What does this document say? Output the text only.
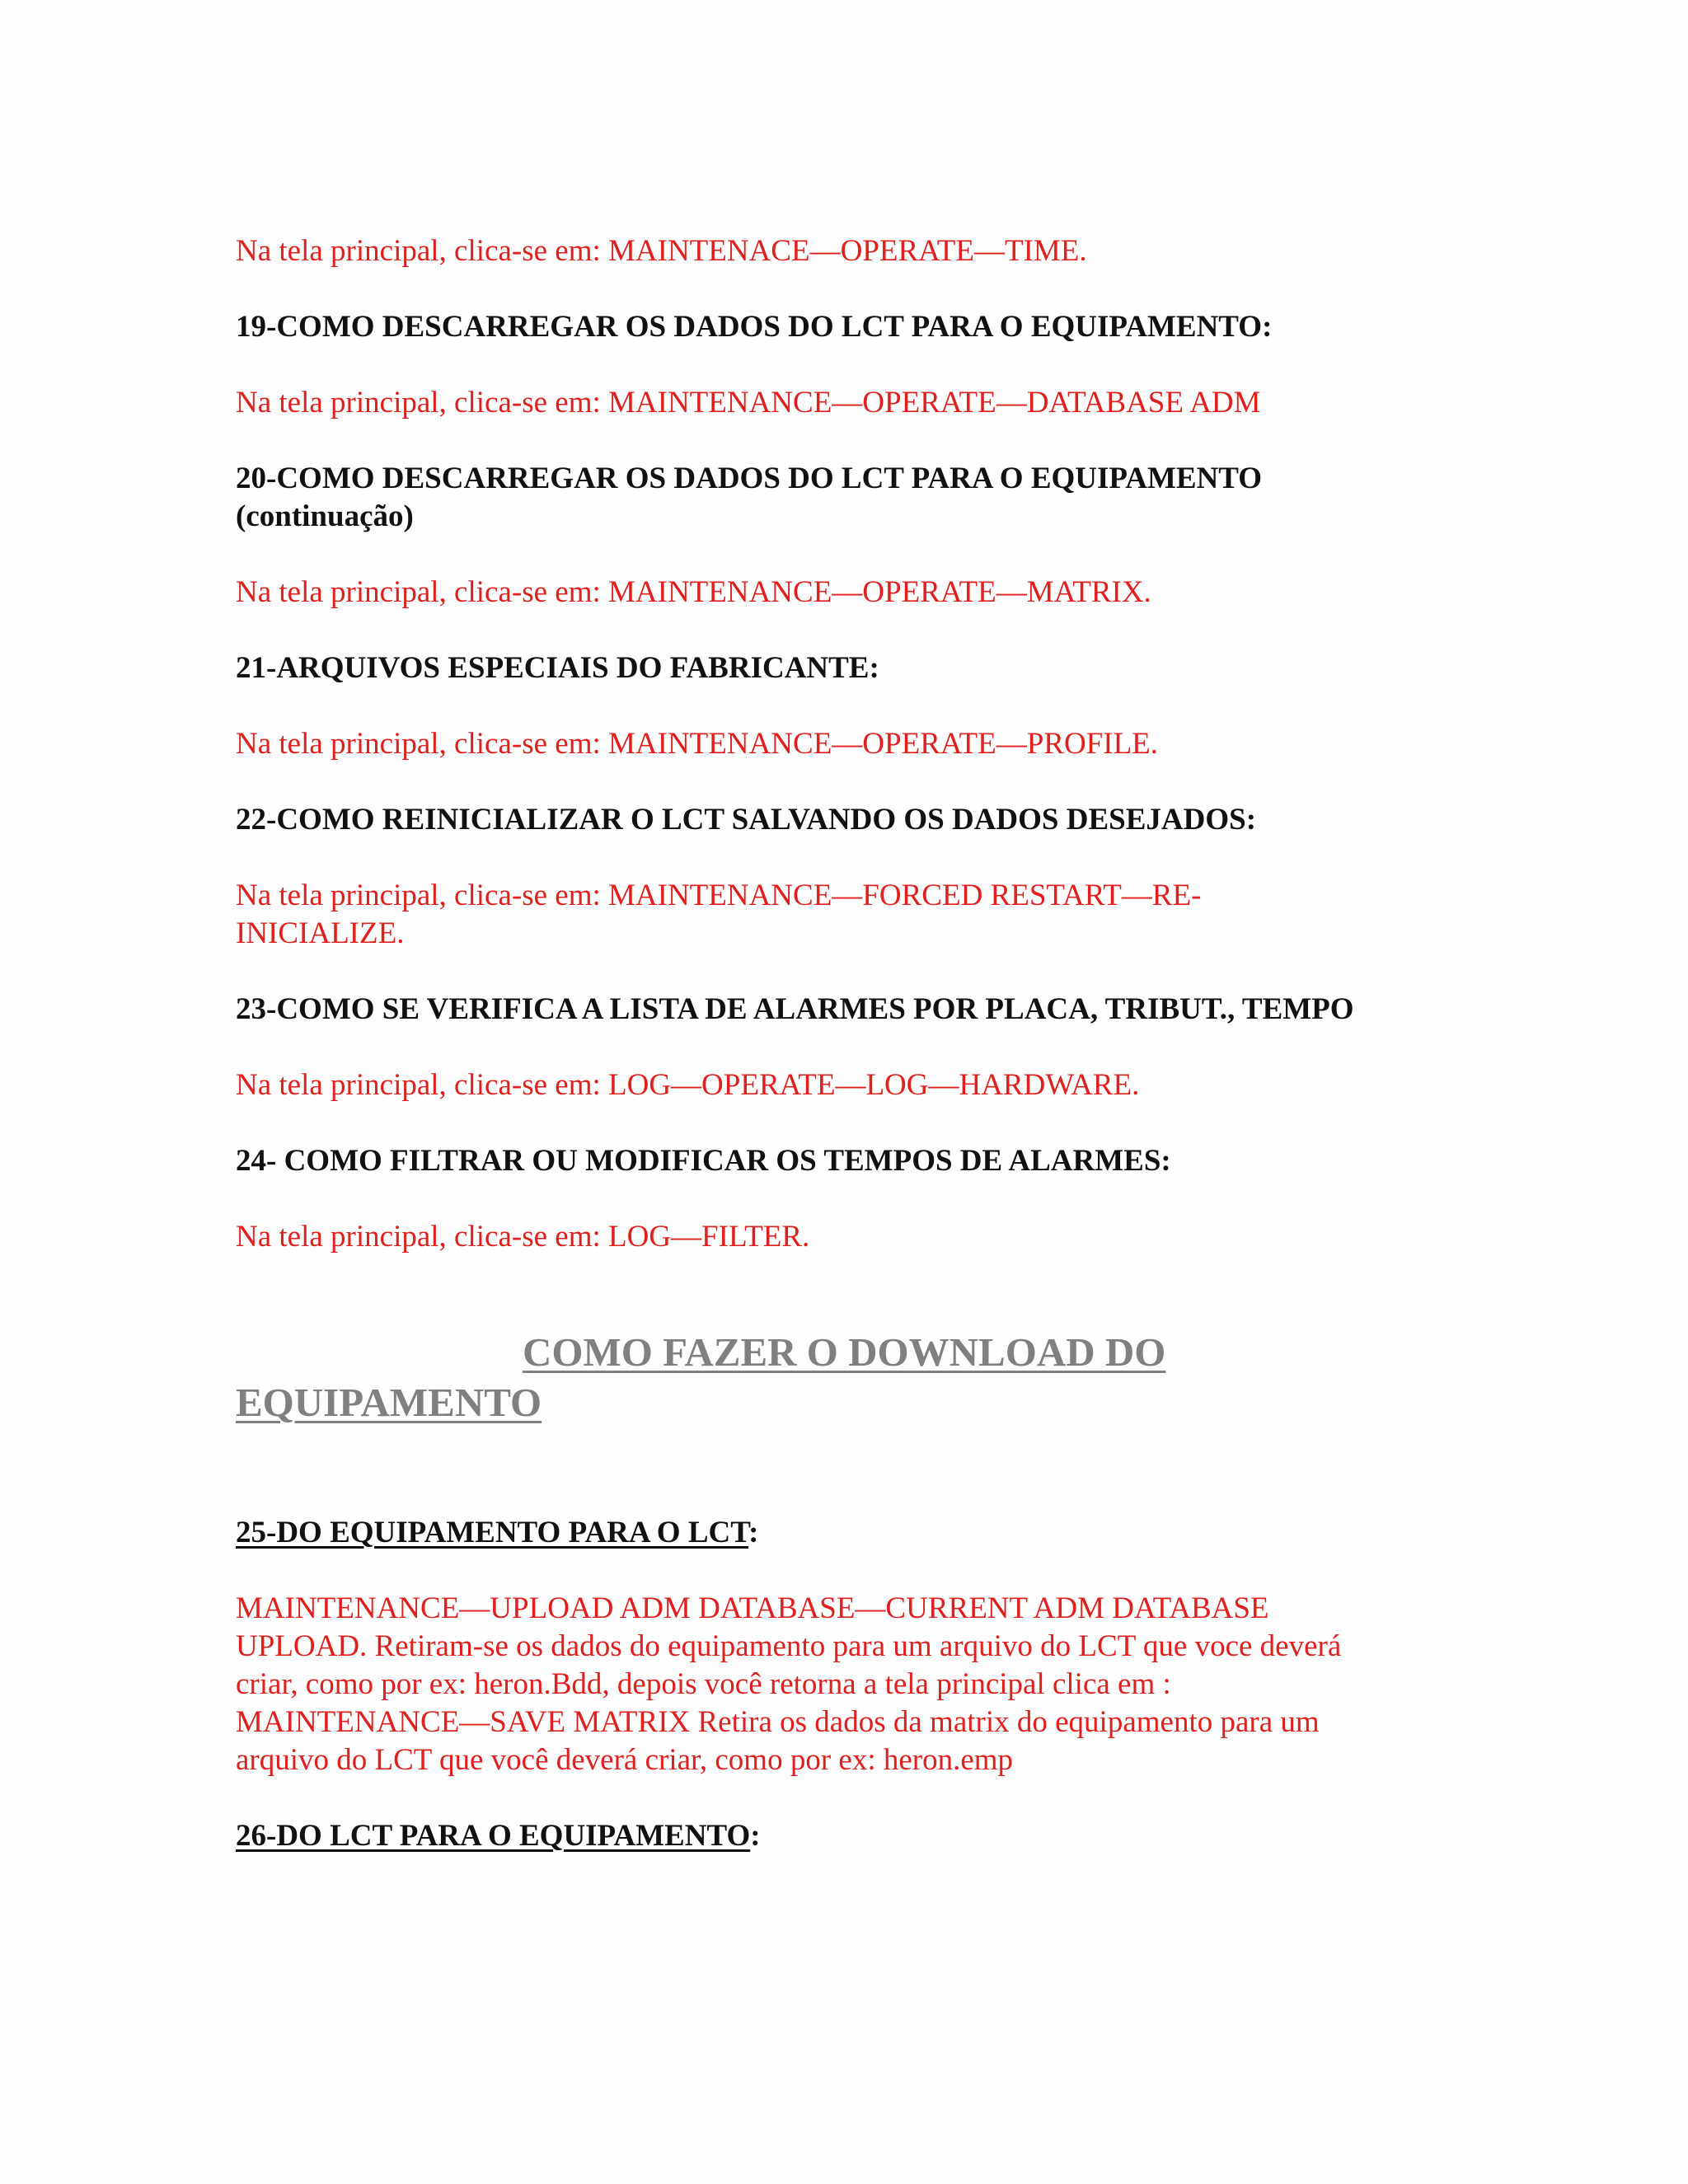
Na tela principal, clica-se em: MAINTENACE—OPERATE—TIME.

19-COMO DESCARREGAR OS DADOS DO LCT PARA O EQUIPAMENTO:

Na tela principal, clica-se em: MAINTENANCE—OPERATE—DATABASE ADM

20-COMO DESCARREGAR OS DADOS DO LCT PARA O EQUIPAMENTO (continuação)

Na tela principal, clica-se em: MAINTENANCE—OPERATE—MATRIX.

21-ARQUIVOS ESPECIAIS DO FABRICANTE:

Na tela principal, clica-se em: MAINTENANCE—OPERATE—PROFILE.

22-COMO REINICIALIZAR O LCT SALVANDO OS DADOS DESEJADOS:

Na tela principal, clica-se em: MAINTENANCE—FORCED RESTART—RE-INICIALIZE.

23-COMO SE VERIFICA A LISTA DE ALARMES POR PLACA, TRIBUT., TEMPO

Na tela principal, clica-se em: LOG—OPERATE—LOG—HARDWARE.

24- COMO FILTRAR OU MODIFICAR OS TEMPOS DE ALARMES:

Na tela principal, clica-se em: LOG—FILTER.

COMO FAZER O DOWNLOAD DO
EQUIPAMENTO

25-DO EQUIPAMENTO PARA O LCT:

MAINTENANCE—UPLOAD ADM DATABASE—CURRENT ADM DATABASE
UPLOAD. Retiram-se os dados do equipamento para um arquivo do LCT que voce deverá
criar, como por ex: heron.Bdd, depois você retorna a tela principal clica em :
MAINTENANCE—SAVE MATRIX Retira os dados da matrix do equipamento para um
arquivo do LCT que você deverá criar, como por ex: heron.emp

26-DO LCT PARA O EQUIPAMENTO:
